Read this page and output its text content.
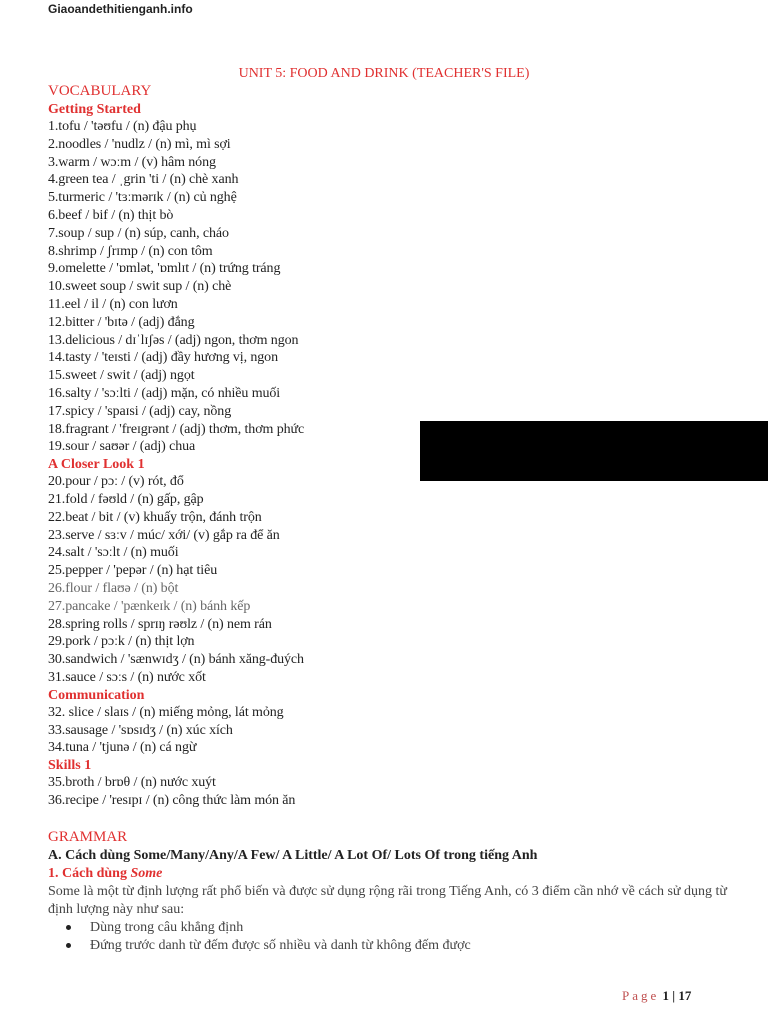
Giaoandethitienganh.info
UNIT 5: FOOD AND DRINK (TEACHER'S FILE)
VOCABULARY
Getting Started
1.tofu / 'təʊfu / (n) đậu phụ
2.noodles / 'nudlz / (n) mì, mì sợi
3.warm / wɔːm / (v) hâm nóng
4.green tea / ˌgrin 'ti / (n) chè xanh
5.turmeric / 'tɜːmərɪk / (n) củ nghệ
6.beef / bif / (n) thịt bò
7.soup / sup / (n) súp, canh, cháo
8.shrimp / ʃrɪmp / (n) con tôm
9.omelette / 'ɒmlət, 'ɒmlɪt / (n) trứng tráng
10.sweet soup / swit sup / (n) chè
11.eel / il / (n) con lươn
12.bitter / 'bɪtə / (adj) đắng
13.delicious / dɪˈlɪʃəs / (adj) ngon, thơm ngon
14.tasty / 'teɪsti / (adj) đầy hương vị, ngon
15.sweet / swit / (adj) ngọt
16.salty / 'sɔːlti / (adj) mặn, có nhiều muối
17.spicy / 'spaɪsi / (adj) cay, nồng
18.fragrant / 'freɪgrənt / (adj) thơm, thơm phức
19.sour / saʊər / (adj) chua
A Closer Look 1
20.pour / pɔː / (v) rót, đổ
21.fold / fəʊld / (n) gấp, gập
22.beat / bit / (v) khuấy trộn, đánh trộn
23.serve / sɜːv / múc/ xới/ (v) gắp ra để ăn
24.salt / 'sɔːlt / (n) muối
25.pepper / 'pepər / (n) hạt tiêu
26.flour / flaʊə / (n) bột
27.pancake / 'pænkeɪk / (n) bánh kếp
28.spring rolls / sprɪŋ rəʊlz / (n) nem rán
29.pork / pɔːk / (n) thịt lợn
30.sandwich / 'sænwɪdʒ / (n) bánh xăng-đuých
31.sauce / sɔːs / (n) nước xốt
Communication
32. slice / slaɪs / (n) miếng mỏng, lát mỏng
33.sausage / 'sɒsɪdʒ / (n) xúc xích
34.tuna / 'tjunə / (n) cá ngừ
Skills 1
35.broth / brɒθ / (n) nước xuýt
36.recipe / 'resɪpɪ / (n) công thức làm món ăn
GRAMMAR
A. Cách dùng Some/Many/Any/A Few/ A Little/ A Lot Of/ Lots Of trong tiếng Anh
1. Cách dùng Some
Some là một từ định lượng rất phổ biến và được sử dụng rộng rãi trong Tiếng Anh, có 3 điểm cần nhớ về cách sử dụng từ định lượng này như sau:
Dùng trong câu khẳng định
Đứng trước danh từ đếm được số nhiều và danh từ không đếm được
Page 1 | 17
